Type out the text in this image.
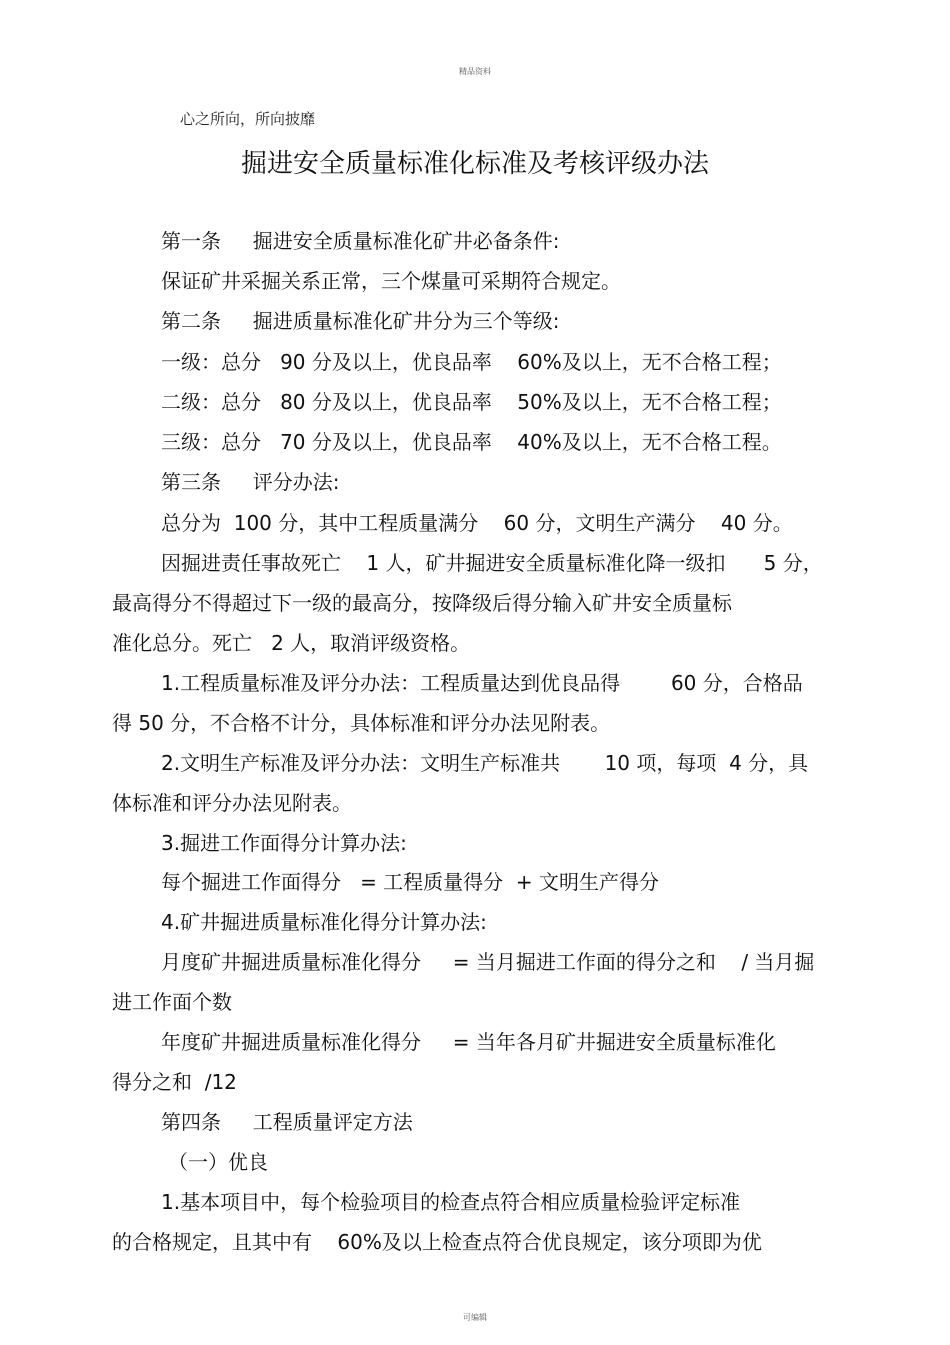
精品资料
心之所向，所向披靡
掘进安全质量标准化标准及考核评级办法
第一条     掘进安全质量标准化矿井必备条件:
保证矿井采掘关系正常，三个煤量可采期符合规定。
第二条     掘进质量标准化矿井分为三个等级:
一级：总分   90 分及以上，优良品率    60%及以上，无不合格工程；
二级：总分   80 分及以上，优良品率    50%及以上，无不合格工程；
三级：总分   70 分及以上，优良品率    40%及以上，无不合格工程。
第三条     评分办法:
总分为  100 分，其中工程质量满分    60 分，文明生产满分    40 分。
因掘进责任事故死亡    1 人，矿井掘进安全质量标准化降一级扣      5 分，
最高得分不得超过下一级的最高分，按降级后得分输入矿井安全质量标
准化总分。死亡   2 人，取消评级资格。
1.工程质量标准及评分办法：工程质量达到优良品得        60 分，合格品
得 50 分，不合格不计分，具体标准和评分办法见附表。
2.文明生产标准及评分办法：文明生产标准共       10 项，每项  4 分，具
体标准和评分办法见附表。
3.掘进工作面得分计算办法:
每个掘进工作面得分   = 工程质量得分  + 文明生产得分
4.矿井掘进质量标准化得分计算办法:
月度矿井掘进质量标准化得分     = 当月掘进工作面的得分之和    / 当月掘
进工作面个数
年度矿井掘进质量标准化得分     = 当年各月矿井掘进安全质量标准化
得分之和  /12
第四条     工程质量评定方法
（一）优良
1.基本项目中，每个检验项目的检查点符合相应质量检验评定标准
的合格规定，且其中有    60%及以上检查点符合优良规定，该分项即为优
可编辑
